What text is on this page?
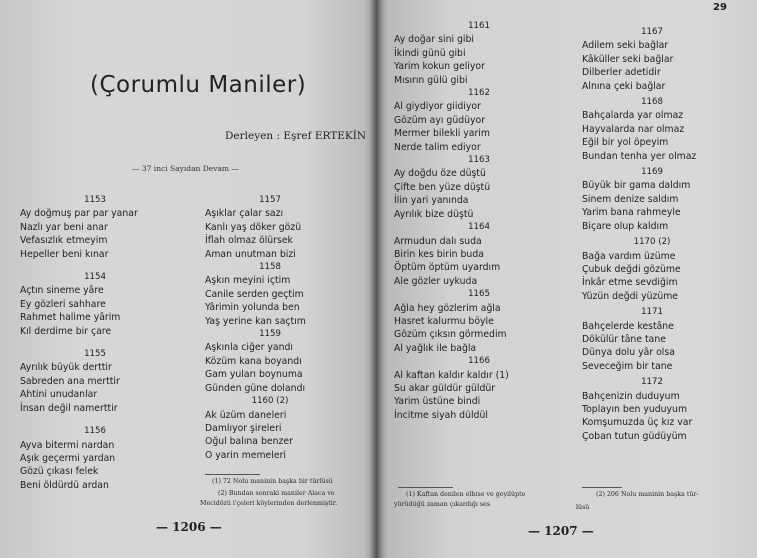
(Çorumlu Maniler)
Derleyen : Eşref ERTEKİN
— 37 inci Sayıdan Devam —
1153
Ay doğmuş par par yanar
Nazlı yar beni anar
Vefasızlık etmeyim
Hepeller beni kınar
1154
Açtın sineme yâre
Ey gözleri sahhare
Rahmet halime yârim
Kıl derdime bir çare
1155
Ayrılık büyük derttir
Sabreden ana merttir
Ahtini unudanlar
İnsan değil namerttir
1156
Ayva bitermi nardan
Aşık geçermi yardan
Gözü çıkası felek
Beni öldürdü ardan
1157
Aşıklar çalar sazı
Kanlı yaş döker gözü
İflah olmaz ölürsek
Aman unutman bizi
1158
Aşkın meyini içtim
Canile serden geçtim
Yârimin yolunda ben
Yaş yerine kan saçtım
1159
Aşkınla ciğer yandı
Közüm kana boyandı
Gam yuları boynuma
Günden güne dolandı
1160 (2)
Ak üzüm daneleri
Damlıyor şireleri
Oğul balına benzer
O yarin memeleri
(1) 72 Nolu maninin başka bir türlüsü
(2) Bundan sonraki maniler Alaca ve
Mecidözü i'çeleri köylerinden derlenmiştir.
— 1206 —
29
1161
Ay doğar sini gibi
İkindi günü gibi
Yarim kokun geliyor
Mısırın gülü gibi
1162
Al giydiyor giidiyor
Gözüm ayı güdüyor
Mermer bilekli yarim
Nerde talim ediyor
1163
Ay doğdu öze düştü
Çifte ben yüze düştü
İlin yari yanında
Ayrılık bize düştü
1164
Armudun dalı suda
Birin kes birin buda
Öptüm öptüm uyardım
Ale gözler uykuda
1165
Ağla hey gözlerim ağla
Hasret kalurmu böyle
Gözüm çıksın görmedim
Al yağlık ile bağla
1166
Al kaftan kaldır kaldır (1)
Su akar güldür güldür
Yarim üstüne bindi
İncitme siyah düldül
1167
Adilem seki bağlar
Kâküller seki bağlar
Dilberler adetidir
Alnına çeki bağlar
1168
Bahçalarda yar olmaz
Hayvalarda nar olmaz
Eğil bir yol öpeyim
Bundan tenha yer olmaz
1169
Büyük bir gama daldım
Sinem denize saldım
Yarim bana rahmeyle
Biçare olup kaldım
1170 (2)
Bağa vardım üzüme
Çubuk değdi gözüme
İnkâr etme sevdiğim
Yüzün değdi yüzüme
1171
Bahçelerde kestâne
Dökülür tâne tane
Dünya dolu yâr olsa
Seveceğim bir tane
1172
Bahçenizin duduyum
Toplayın ben yuduyum
Komşumuzda üç kız var
Çoban tutun güdüyüm
(1) Kaftan denilen elbise ve geyilüpte
yürüdüğü zaman çıkardığı ses
(2) 206 Nolu maninin başka tür-
lüsü
— 1207 —
